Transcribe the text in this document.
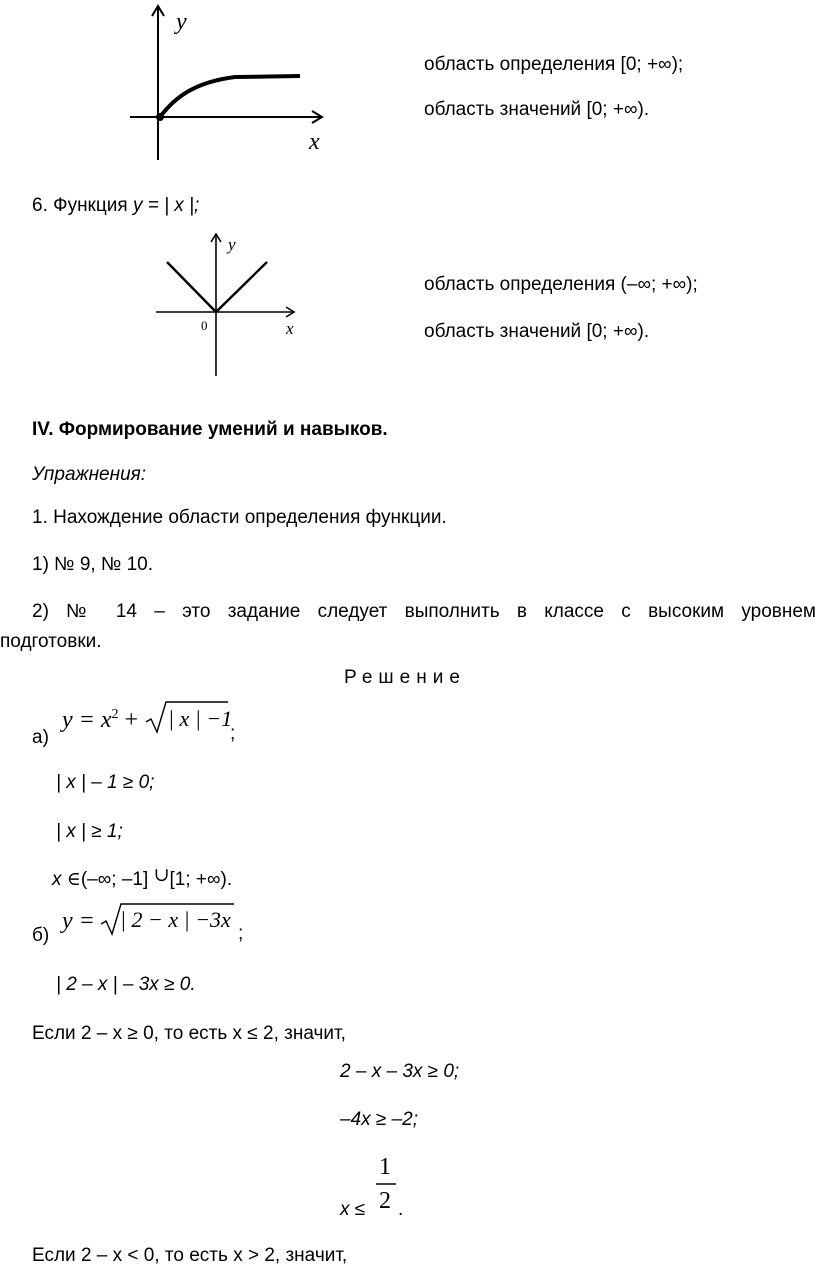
y
x
область определения [0; +∞);
область значений [0; +∞).
6. Функция y = | x |;
y
x
0
область определения (–∞; +∞);
область значений [0; +∞).
IV. Формирование умений и навыков.
Упражнения:
1. Нахождение области определения функции.
1) № 9, № 10.
2) № 14 – это задание следует выполнить в классе с высоким уровнем
подготовки.
Решение
а)
$y = x^2$ + | x | −1
;
| x | – 1 ≥ 0;
| x | ≥ 1;
x ∈(–∞; –1] ∪[1; +∞).
б)
y = | 2 − x | −3x
;
| 2 – x | – 3x ≥ 0.
Если 2 – x ≥ 0, то есть x ≤ 2, значит,
2 – x – 3x ≥ 0;
–4x ≥ –2;
x ≤
1
2 .
Если 2 – x < 0, то есть x > 2, значит,
